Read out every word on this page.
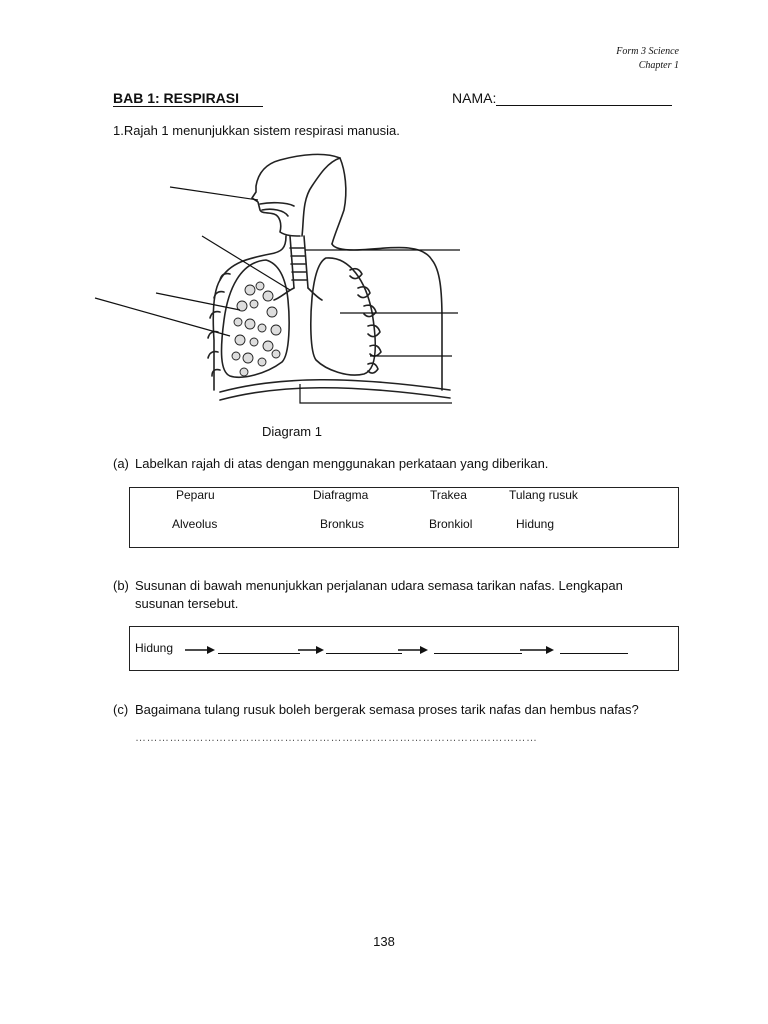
Form 3 Science
Chapter 1
BAB 1: RESPIRASI	NAMA:
1.Rajah 1 menunjukkan sistem respirasi manusia.
Diagram 1
(a) Labelkan rajah di atas dengan menggunakan perkataan yang diberikan.
Peparu	Diafragma	Trakea	Tulang rusuk
Alveolus	Bronkus	Bronkiol	Hidung
(b) Susunan di bawah menunjukkan perjalanan udara semasa tarikan nafas. Lengkapan
susunan tersebut.
Hidung
(c) Bagaimana tulang rusuk boleh bergerak semasa proses tarik nafas dan hembus nafas?
……………………………………………………………………………………………
138
